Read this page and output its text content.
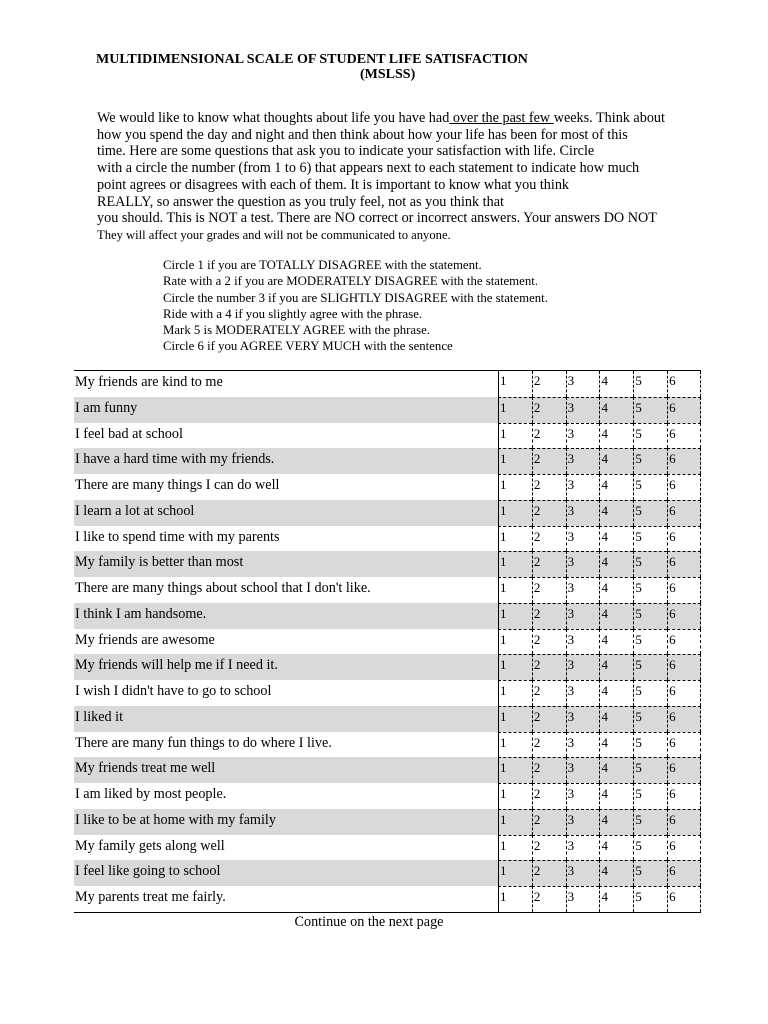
MULTIDIMENSIONAL SCALE OF STUDENT LIFE SATISFACTION
(MSLSS)
We would like to know what thoughts about life you have had over the past few weeks. Think about
how you spend the day and night and then think about how your life has been for most of this
time. Here are some questions that ask you to indicate your satisfaction with life. Circle
with a circle the number (from 1 to 6) that appears next to each statement to indicate how much
point agrees or disagrees with each of them. It is important to know what you think
REALLY, so answer the question as you truly feel, not as you think that
you should. This is NOT a test. There are NO correct or incorrect answers. Your answers DO NOT
They will affect your grades and will not be communicated to anyone.
Circle 1 if you are TOTALLY DISAGREE with the statement.
Rate with a 2 if you are MODERATELY DISAGREE with the statement.
Circle the number 3 if you are SLIGHTLY DISAGREE with the statement.
Ride with a 4 if you slightly agree with the phrase.
Mark 5 is MODERATELY AGREE with the phrase.
Circle 6 if you AGREE VERY MUCH with the sentence
My friends are kind to me	1	2	3	4	5	6
I am funny	1	2	3	4	5	6
I feel bad at school	1	2	3	4	5	6
I have a hard time with my friends.	1	2	3	4	5	6
There are many things I can do well	1	2	3	4	5	6
I learn a lot at school	1	2	3	4	5	6
I like to spend time with my parents	1	2	3	4	5	6
My family is better than most	1	2	3	4	5	6
There are many things about school that I don't like.	1	2	3	4	5	6
I think I am handsome.	1	2	3	4	5	6
My friends are awesome	1	2	3	4	5	6
My friends will help me if I need it.	1	2	3	4	5	6
I wish I didn't have to go to school	1	2	3	4	5	6
I liked it	1	2	3	4	5	6
There are many fun things to do where I live.	1	2	3	4	5	6
My friends treat me well	1	2	3	4	5	6
I am liked by most people.	1	2	3	4	5	6
I like to be at home with my family	1	2	3	4	5	6
My family gets along well	1	2	3	4	5	6
I feel like going to school	1	2	3	4	5	6
My parents treat me fairly.	1	2	3	4	5	6
Continue on the next page
